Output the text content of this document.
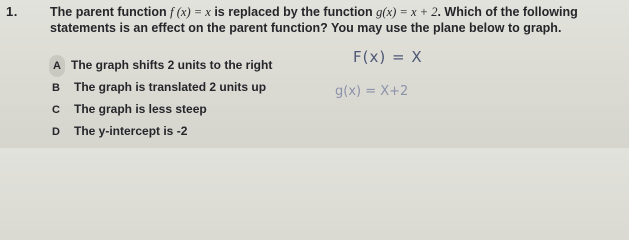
1.	The parent function f (x) = x is replaced by the function g(x) = x + 2. Which of the following
statements is an effect on the parent function? You may use the plane below to graph.
A The graph shifts 2 units to the right
B The graph is translated 2 units up
C The graph is less steep
D The y-intercept is -2
F(x) = X
g(x) = X+2
